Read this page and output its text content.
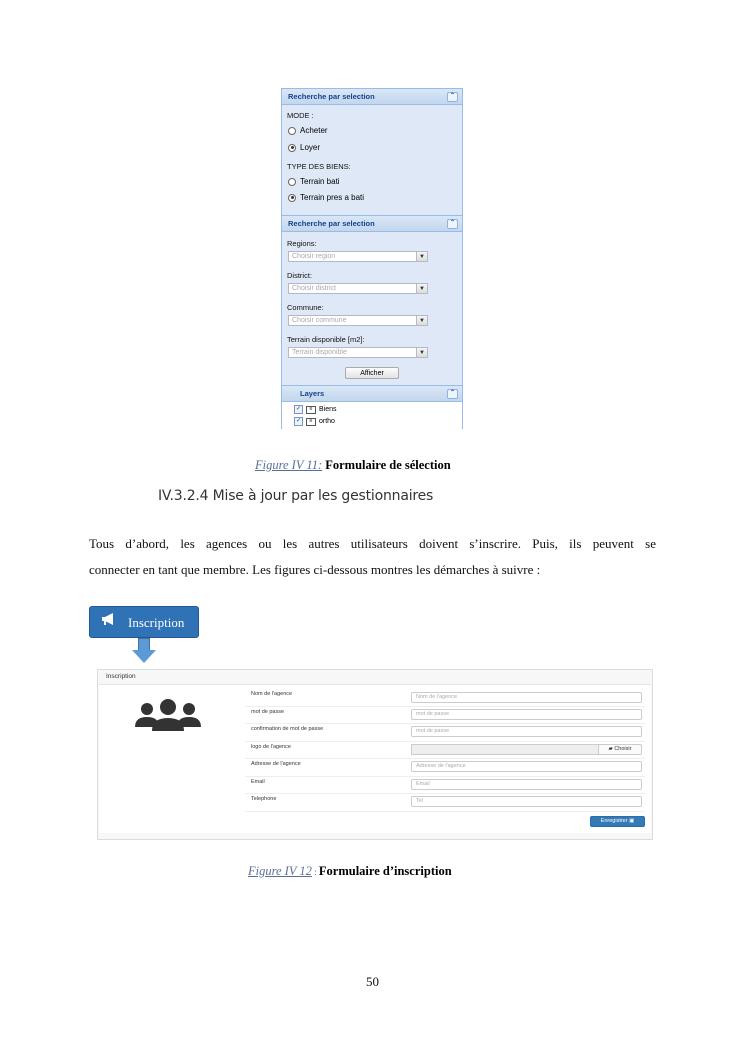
Recherche par selection	⌃
MODE :
Acheter
Loyer
TYPE DES BIENS:
Terrain bati
Terrain pres a bati
Recherche par selection	⌃
Regions:
Choisir region	▼
District:
Choisir district	▼
Commune:
Choisir commune	▼
Terrain disponible [m2]:
Terrain disponible	▼
Afficher
Layers	⌃
✓	≡ Biens
✓	≡ ortho
Figure IV 11: Formulaire de sélection
IV.3.2.4 Mise à jour par les gestionnaires
Tous d’abord, les agences ou les autres utilisateurs doivent s’inscrire. Puis, ils peuvent se
connecter en tant que membre. Les figures ci-dessous montres les démarches à suivre :
Inscription
Inscription
Nom de l'agence	Nom de l'agence
mot de passe	mot de passe
confirmation de mot de passe	mot de passe
logo de l'agence	▰ Choisir
Adresse de l'agence	Adresse de l'agence
Email	Email
Telephone	Tel
Enregistrer ▣
Figure IV 12 : Formulaire d’inscription
50
